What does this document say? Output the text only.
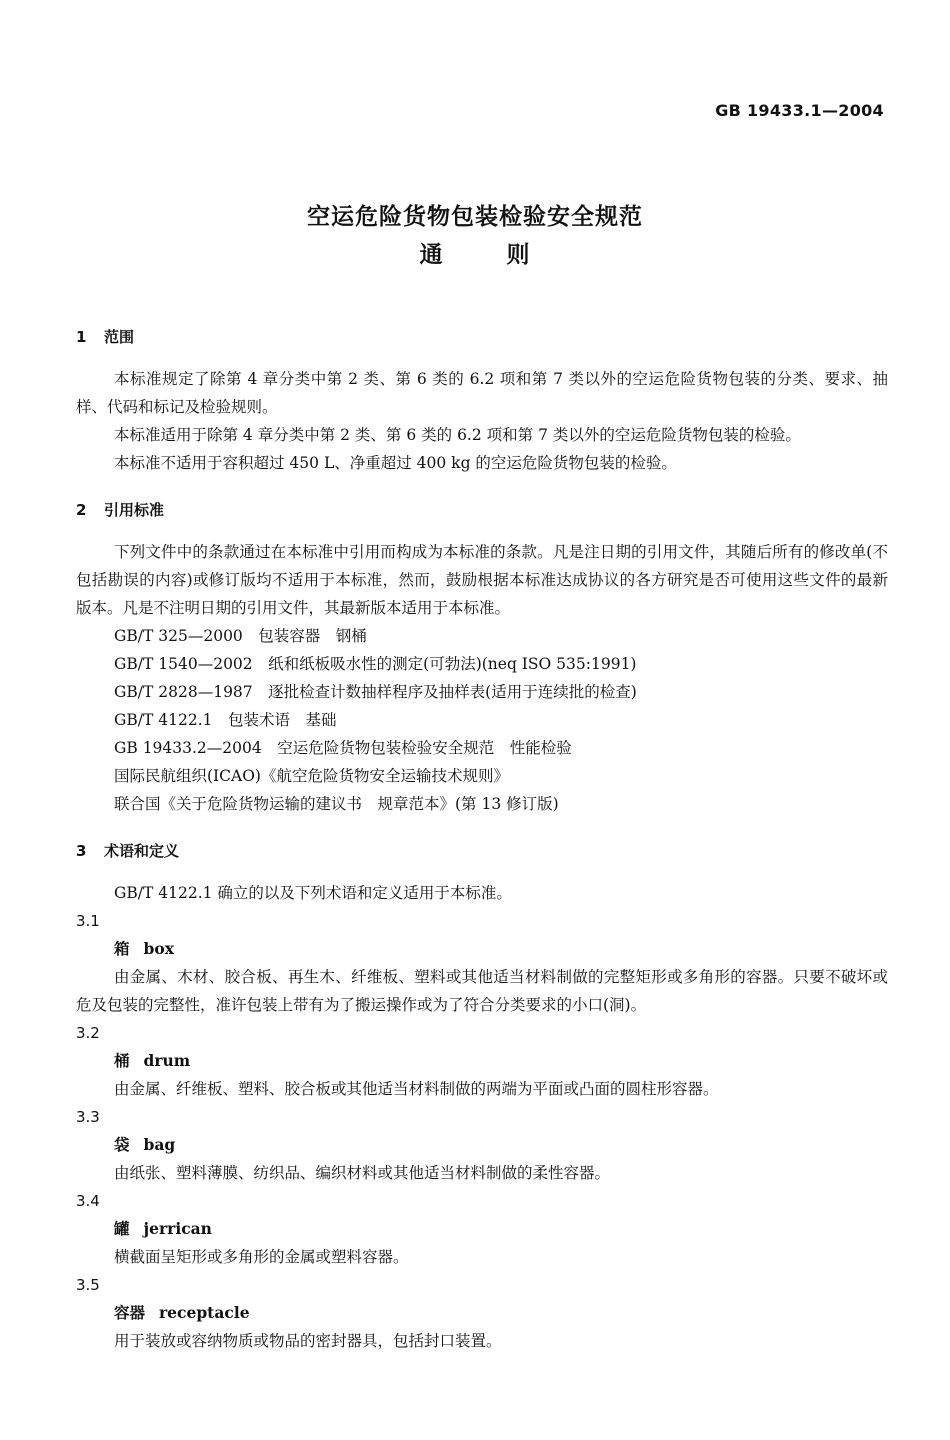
GB 19433.1—2004
空运危险货物包装检验安全规范
通 则
1 范围
本标准规定了除第 4 章分类中第 2 类、第 6 类的 6.2 项和第 7 类以外的空运危险货物包装的分类、要求、抽样、代码和标记及检验规则。
本标准适用于除第 4 章分类中第 2 类、第 6 类的 6.2 项和第 7 类以外的空运危险货物包装的检验。
本标准不适用于容积超过 450 L、净重超过 400 kg 的空运危险货物包装的检验。
2 引用标准
下列文件中的条款通过在本标准中引用而构成为本标准的条款。凡是注日期的引用文件，其随后所有的修改单(不包括勘误的内容)或修订版均不适用于本标准，然而，鼓励根据本标准达成协议的各方研究是否可使用这些文件的最新版本。凡是不注明日期的引用文件，其最新版本适用于本标准。
GB/T 325—2000　包装容器　钢桶
GB/T 1540—2002　纸和纸板吸水性的测定(可勃法)(neq ISO 535:1991)
GB/T 2828—1987　逐批检查计数抽样程序及抽样表(适用于连续批的检查)
GB/T 4122.1　包装术语　基础
GB 19433.2—2004　空运危险货物包装检验安全规范　性能检验
国际民航组织(ICAO)《航空危险货物安全运输技术规则》
联合国《关于危险货物运输的建议书　规章范本》(第 13 修订版)
3 术语和定义
GB/T 4122.1 确立的以及下列术语和定义适用于本标准。
3.1
箱 box
由金属、木材、胶合板、再生木、纤维板、塑料或其他适当材料制做的完整矩形或多角形的容器。只要不破坏或危及包装的完整性，准许包装上带有为了搬运操作或为了符合分类要求的小口(洞)。
3.2
桶 drum
由金属、纤维板、塑料、胶合板或其他适当材料制做的两端为平面或凸面的圆柱形容器。
3.3
袋 bag
由纸张、塑料薄膜、纺织品、编织材料或其他适当材料制做的柔性容器。
3.4
罐 jerrican
横截面呈矩形或多角形的金属或塑料容器。
3.5
容器 receptacle
用于装放或容纳物质或物品的密封器具，包括封口装置。
